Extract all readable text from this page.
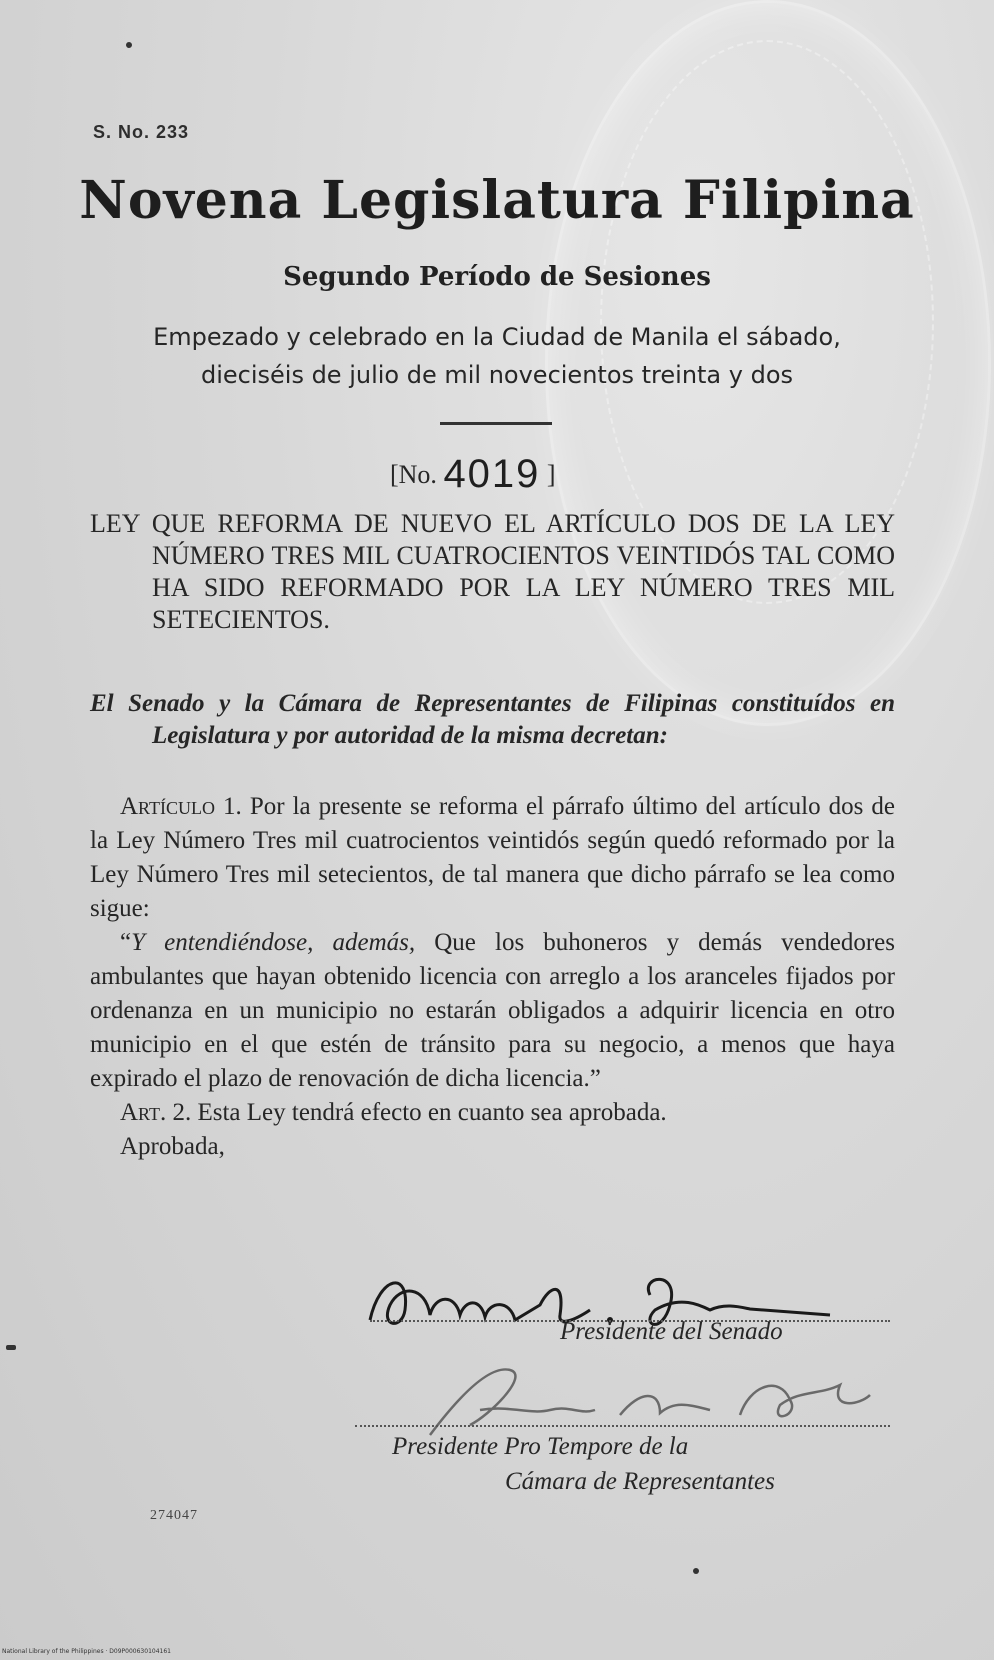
S. No. 233
Novena Legislatura Filipina
Segundo Período de Sesiones
Empezado y celebrado en la Ciudad de Manila el sábado,
dieciséis de julio de mil novecientos treinta y dos
[No. 4019 ]
LEY QUE REFORMA DE NUEVO EL ARTÍCULO DOS DE LA LEY NÚMERO TRES MIL CUATROCIENTOS VEINTIDÓS TAL COMO HA SIDO REFORMADO POR LA LEY NÚMERO TRES MIL SETECIENTOS.
El Senado y la Cámara de Representantes de Filipinas constituídos en Legislatura y por autoridad de la misma decretan:

Artículo 1. Por la presente se reforma el párrafo último del artículo dos de la Ley Número Tres mil cuatrocientos veintidós según quedó reformado por la Ley Número Tres mil setecientos, de tal manera que dicho párrafo se lea como sigue:

“Y entendiéndose, además, Que los buhoneros y demás vendedores ambulantes que hayan obtenido licencia con arreglo a los aranceles fijados por ordenanza en un municipio no estarán obligados a adquirir licencia en otro municipio en el que estén de tránsito para su negocio, a menos que haya expirado el plazo de renovación de dicha licencia.”

Art. 2. Esta Ley tendrá efecto en cuanto sea aprobada.

Aprobada,

Presidente del Senado
Presidente Pro Tempore de la
Cámara de Representantes
274047
National Library of the Philippines · D09P000630104161
